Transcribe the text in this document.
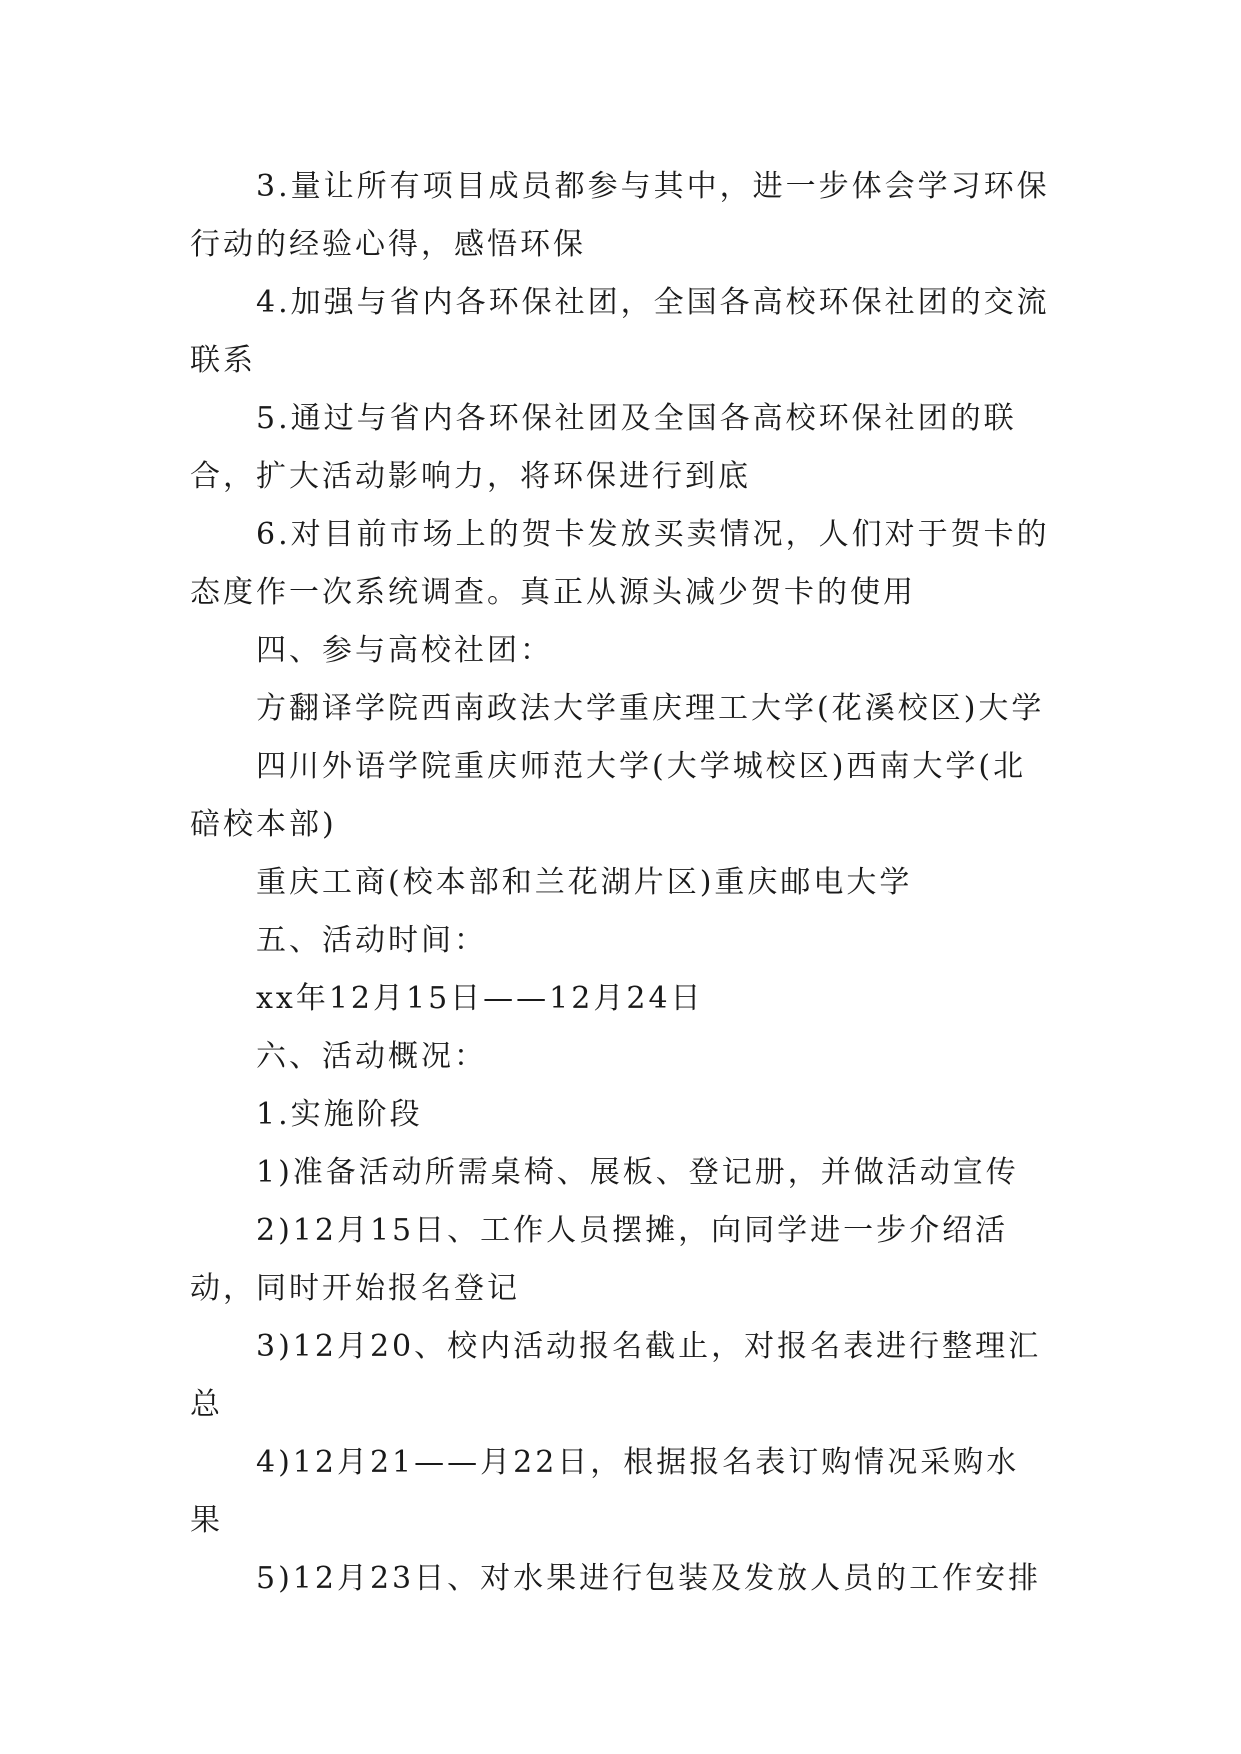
3.量让所有项目成员都参与其中，进一步体会学习环保行动的经验心得，感悟环保

4.加强与省内各环保社团，全国各高校环保社团的交流联系

5.通过与省内各环保社团及全国各高校环保社团的联合，扩大活动影响力，将环保进行到底

6.对目前市场上的贺卡发放买卖情况，人们对于贺卡的态度作一次系统调查。真正从源头减少贺卡的使用

四、参与高校社团：

方翻译学院西南政法大学重庆理工大学(花溪校区)大学

四川外语学院重庆师范大学(大学城校区)西南大学(北碚校本部)

重庆工商(校本部和兰花湖片区)重庆邮电大学

五、活动时间：

xx年12月15日——12月24日

六、活动概况：

1.实施阶段

1)准备活动所需桌椅、展板、登记册，并做活动宣传

2)12月15日、工作人员摆摊，向同学进一步介绍活动，同时开始报名登记

3)12月20、校内活动报名截止，对报名表进行整理汇总

4)12月21——月22日，根据报名表订购情况采购水果

5)12月23日、对水果进行包装及发放人员的工作安排
